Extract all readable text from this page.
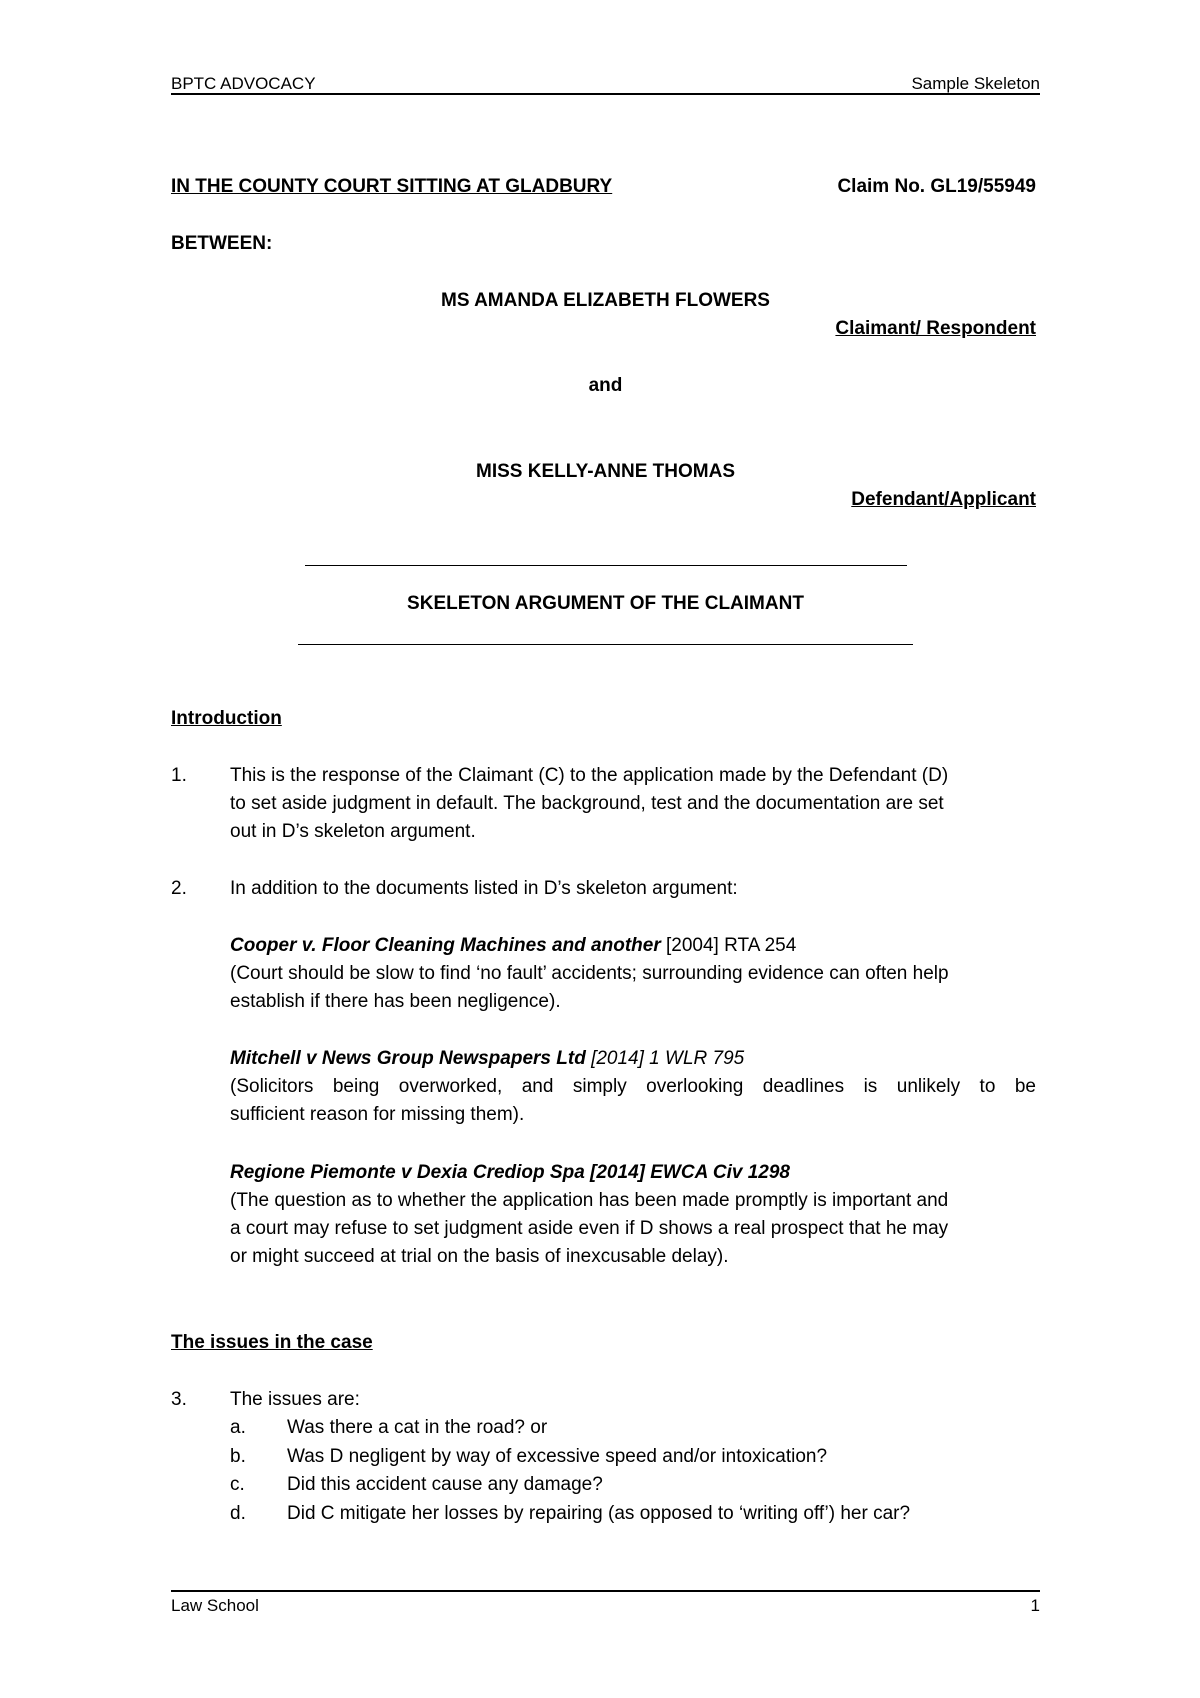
BPTC ADVOCACY	Sample Skeleton
IN THE COUNTY COURT SITTING AT GLADBURY	Claim No. GL19/55949
BETWEEN:
MS AMANDA ELIZABETH FLOWERS
Claimant/ Respondent
and
MISS KELLY-ANNE THOMAS
Defendant/Applicant
SKELETON ARGUMENT OF THE CLAIMANT
Introduction
1. This is the response of the Claimant (C) to the application made by the Defendant (D)
to set aside judgment in default. The background, test and the documentation are set
out in D’s skeleton argument.
2. In addition to the documents listed in D’s skeleton argument:
Cooper v. Floor Cleaning Machines and another [2004] RTA 254
(Court should be slow to find ‘no fault’ accidents; surrounding evidence can often help
establish if there has been negligence).
Mitchell v News Group Newspapers Ltd [2014] 1 WLR 795
(Solicitors being overworked, and simply overlooking deadlines is unlikely to be
sufficient reason for missing them).
Regione Piemonte v Dexia Crediop Spa [2014] EWCA Civ 1298
(The question as to whether the application has been made promptly is important and
a court may refuse to set judgment aside even if D shows a real prospect that he may
or might succeed at trial on the basis of inexcusable delay).
The issues in the case
3. The issues are:
a. Was there a cat in the road? or
b. Was D negligent by way of excessive speed and/or intoxication?
c. Did this accident cause any damage?
d. Did C mitigate her losses by repairing (as opposed to ‘writing off’) her car?
Law School	1
